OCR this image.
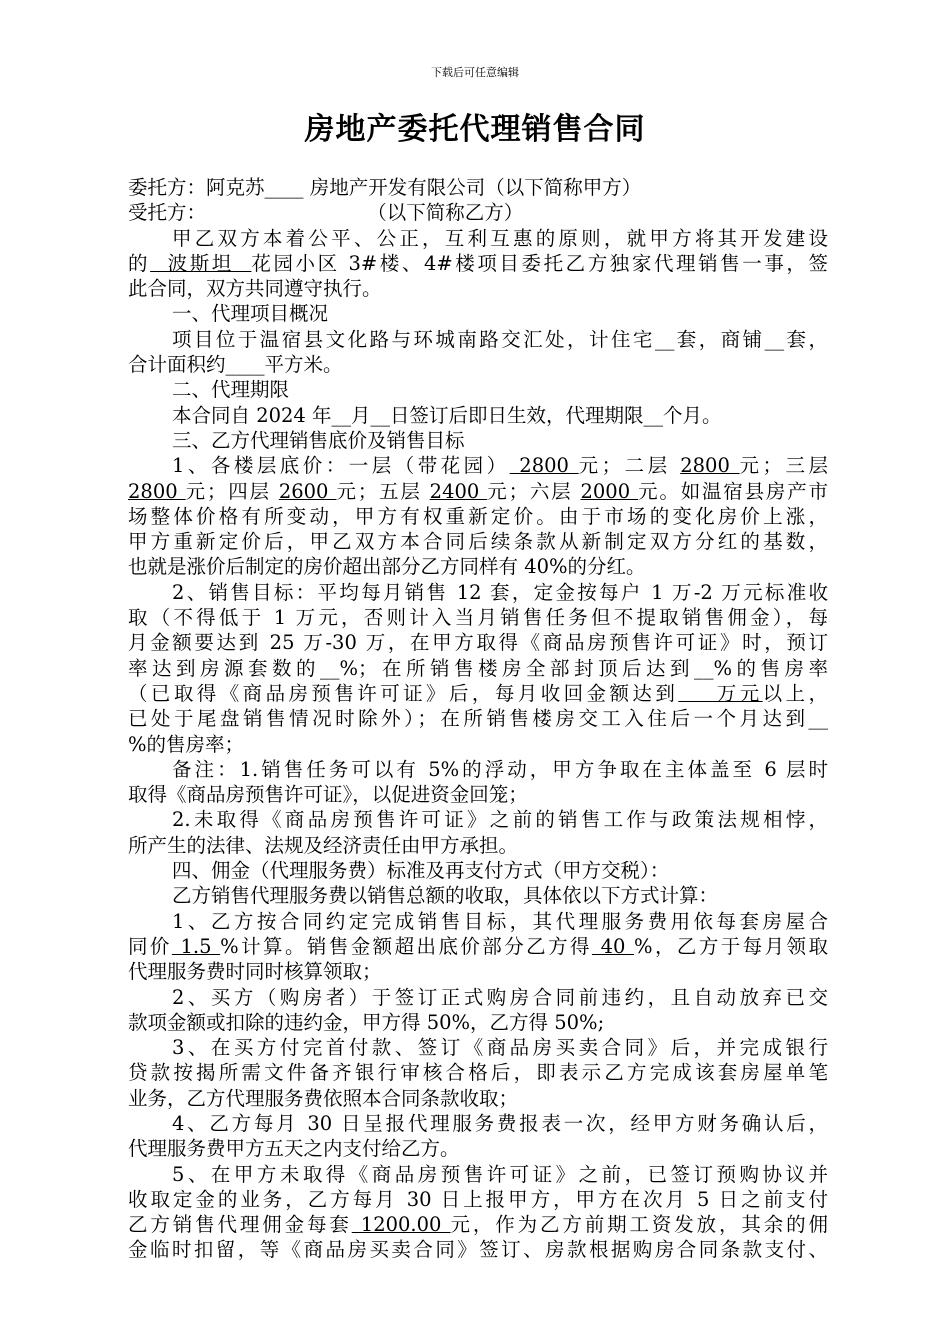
下载后可任意编辑
房地产委托代理销售合同
委托方：阿克苏____ 房地产开发有限公司（以下简称甲方）
受托方：	（以下简称乙方）
甲乙双方本着公平、公正，互利互惠的原则，就甲方将其开发建设
的  波斯坦  花园小区 3#楼、4#楼项目委托乙方独家代理销售一事，签
此合同，双方共同遵守执行。
一、代理项目概况
项目位于温宿县文化路与环城南路交汇处，计住宅__套，商铺__套，
合计面积约____平方米。
二、代理期限
本合同自 2024 年__月__日签订后即日生效，代理期限__个月。
三、乙方代理销售底价及销售目标
1、各楼层底价：一层（带花园） 2800 元；二层 2800 元；三层
2800 元；四层 2600 元；五层 2400 元；六层 2000 元。如温宿县房产市
场整体价格有所变动，甲方有权重新定价。由于市场的变化房价上涨，
甲方重新定价后，甲乙双方本合同后续条款从新制定双方分红的基数，
也就是涨价后制定的房价超出部分乙方同样有 40%的分红。
2、销售目标：平均每月销售 12 套，定金按每户 1 万-2 万元标准收
取（不得低于 1 万元，否则计入当月销售任务但不提取销售佣金），每
月金额要达到 25 万-30 万，在甲方取得《商品房预售许可证》时，预订
率达到房源套数的__%；在所销售楼房全部封顶后达到__%的售房率
（已取得《商品房预售许可证》后，每月收回金额达到    万元以上，
已处于尾盘销售情况时除外）；在所销售楼房交工入住后一个月达到__
%的售房率；
备注：1.销售任务可以有 5%的浮动，甲方争取在主体盖至 6 层时
取得《商品房预售许可证》，以促进资金回笼；
2.未取得《商品房预售许可证》之前的销售工作与政策法规相悖，
所产生的法律、法规及经济责任由甲方承担。
四、佣金（代理服务费）标准及再支付方式（甲方交税）：
乙方销售代理服务费以销售总额的收取，具体依以下方式计算：
1、乙方按合同约定完成销售目标，其代理服务费用依每套房屋合
同价 1.5 %计算。销售金额超出底价部分乙方得 40 %，乙方于每月领取
代理服务费时同时核算领取；
2、买方（购房者）于签订正式购房合同前违约，且自动放弃已交
款项金额或扣除的违约金，甲方得 50%，乙方得 50%;
3、在买方付完首付款、签订《商品房买卖合同》后，并完成银行
贷款按揭所需文件备齐银行审核合格后，即表示乙方完成该套房屋单笔
业务，乙方代理服务费依照本合同条款收取；
4、乙方每月 30 日呈报代理服务费报表一次，经甲方财务确认后，
代理服务费甲方五天之内支付给乙方。
5、在甲方未取得《商品房预售许可证》之前，已签订预购协议并
收取定金的业务，乙方每月 30 日上报甲方，甲方在次月 5 日之前支付
乙方销售代理佣金每套 1200.00 元，作为乙方前期工资发放，其余的佣
金临时扣留，等《商品房买卖合同》签订、房款根据购房合同条款支付、
